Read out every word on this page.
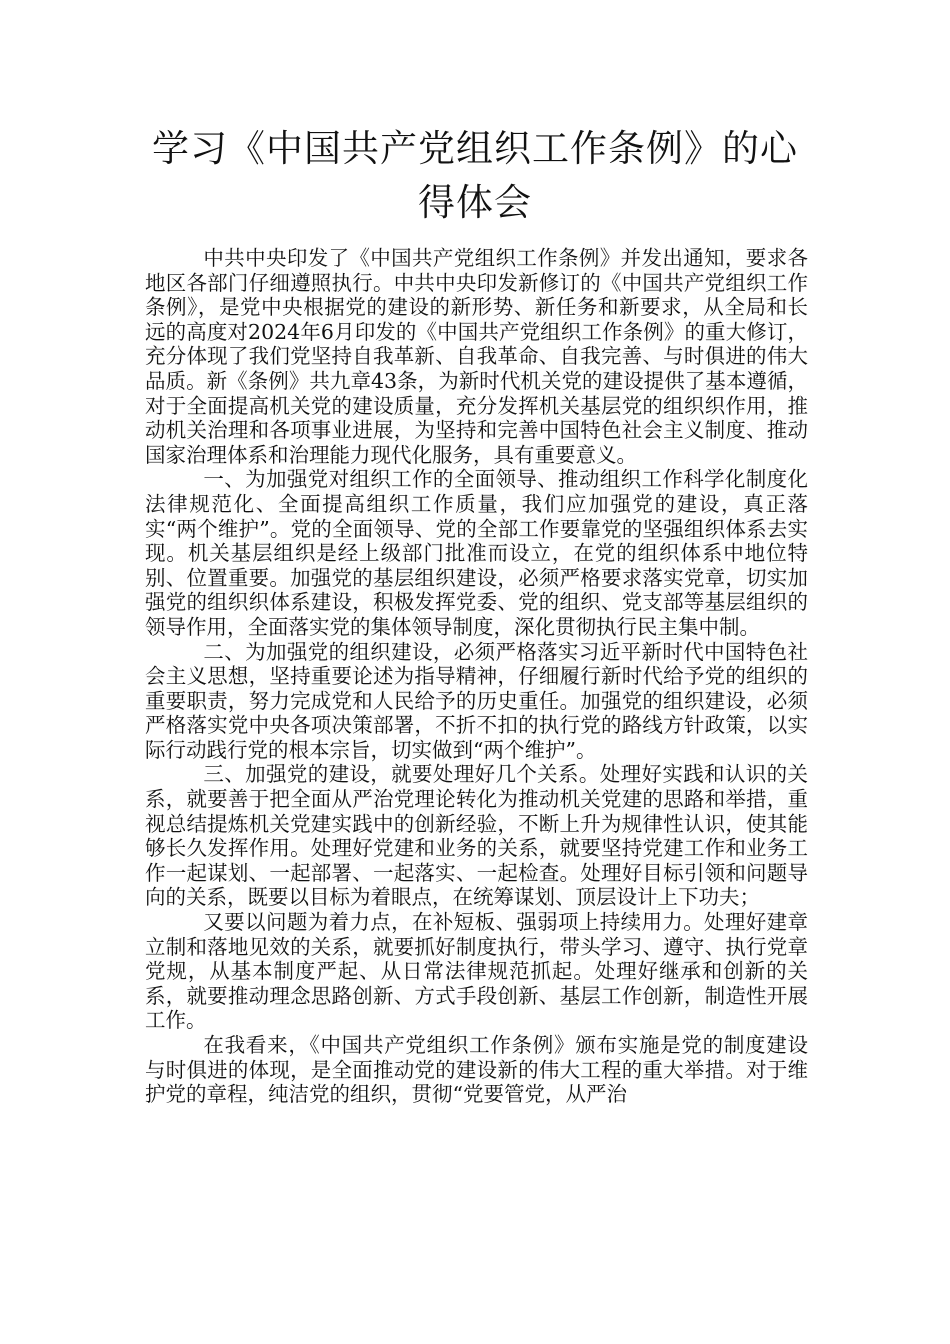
学习《中国共产党组织工作条例》的心得体会

中共中央印发了《中国共产党组织工作条例》并发出通知，要求各地区各部门仔细遵照执行。中共中央印发新修订的《中国共产党组织工作条例》，是党中央根据党的建设的新形势、新任务和新要求，从全局和长远的高度对2024年6月印发的《中国共产党组织工作条例》的重大修订，充分体现了我们党坚持自我革新、自我革命、自我完善、与时俱进的伟大品质。新《条例》共九章43条，为新时代机关党的建设提供了基本遵循，对于全面提高机关党的建设质量，充分发挥机关基层党的组织织作用，推动机关治理和各项事业进展，为坚持和完善中国特色社会主义制度、推动国家治理体系和治理能力现代化服务，具有重要意义。

一、为加强党对组织工作的全面领导、推动组织工作科学化制度化法律规范化、全面提高组织工作质量，我们应加强党的建设，真正落实“两个维护”。党的全面领导、党的全部工作要靠党的坚强组织体系去实现。机关基层组织是经上级部门批准而设立，在党的组织体系中地位特别、位置重要。加强党的基层组织建设，必须严格要求落实党章，切实加强党的组织织体系建设，积极发挥党委、党的组织、党支部等基层组织的领导作用，全面落实党的集体领导制度，深化贯彻执行民主集中制。

二、为加强党的组织建设，必须严格落实习近平新时代中国特色社会主义思想，坚持重要论述为指导精神，仔细履行新时代给予党的组织的重要职责，努力完成党和人民给予的历史重任。加强党的组织建设，必须严格落实党中央各项决策部署，不折不扣的执行党的路线方针政策，以实际行动践行党的根本宗旨，切实做到“两个维护”。

三、加强党的建设，就要处理好几个关系。处理好实践和认识的关系，就要善于把全面从严治党理论转化为推动机关党建的思路和举措，重视总结提炼机关党建实践中的创新经验，不断上升为规律性认识，使其能够长久发挥作用。处理好党建和业务的关系，就要坚持党建工作和业务工作一起谋划、一起部署、一起落实、一起检查。处理好目标引领和问题导向的关系，既要以目标为着眼点，在统筹谋划、顶层设计上下功夫；

又要以问题为着力点，在补短板、强弱项上持续用力。处理好建章立制和落地见效的关系，就要抓好制度执行，带头学习、遵守、执行党章党规，从基本制度严起、从日常法律规范抓起。处理好继承和创新的关系，就要推动理念思路创新、方式手段创新、基层工作创新，制造性开展工作。

在我看来，《中国共产党组织工作条例》颁布实施是党的制度建设与时俱进的体现，是全面推动党的建设新的伟大工程的重大举措。对于维护党的章程，纯洁党的组织，贯彻“党要管党，从严治
